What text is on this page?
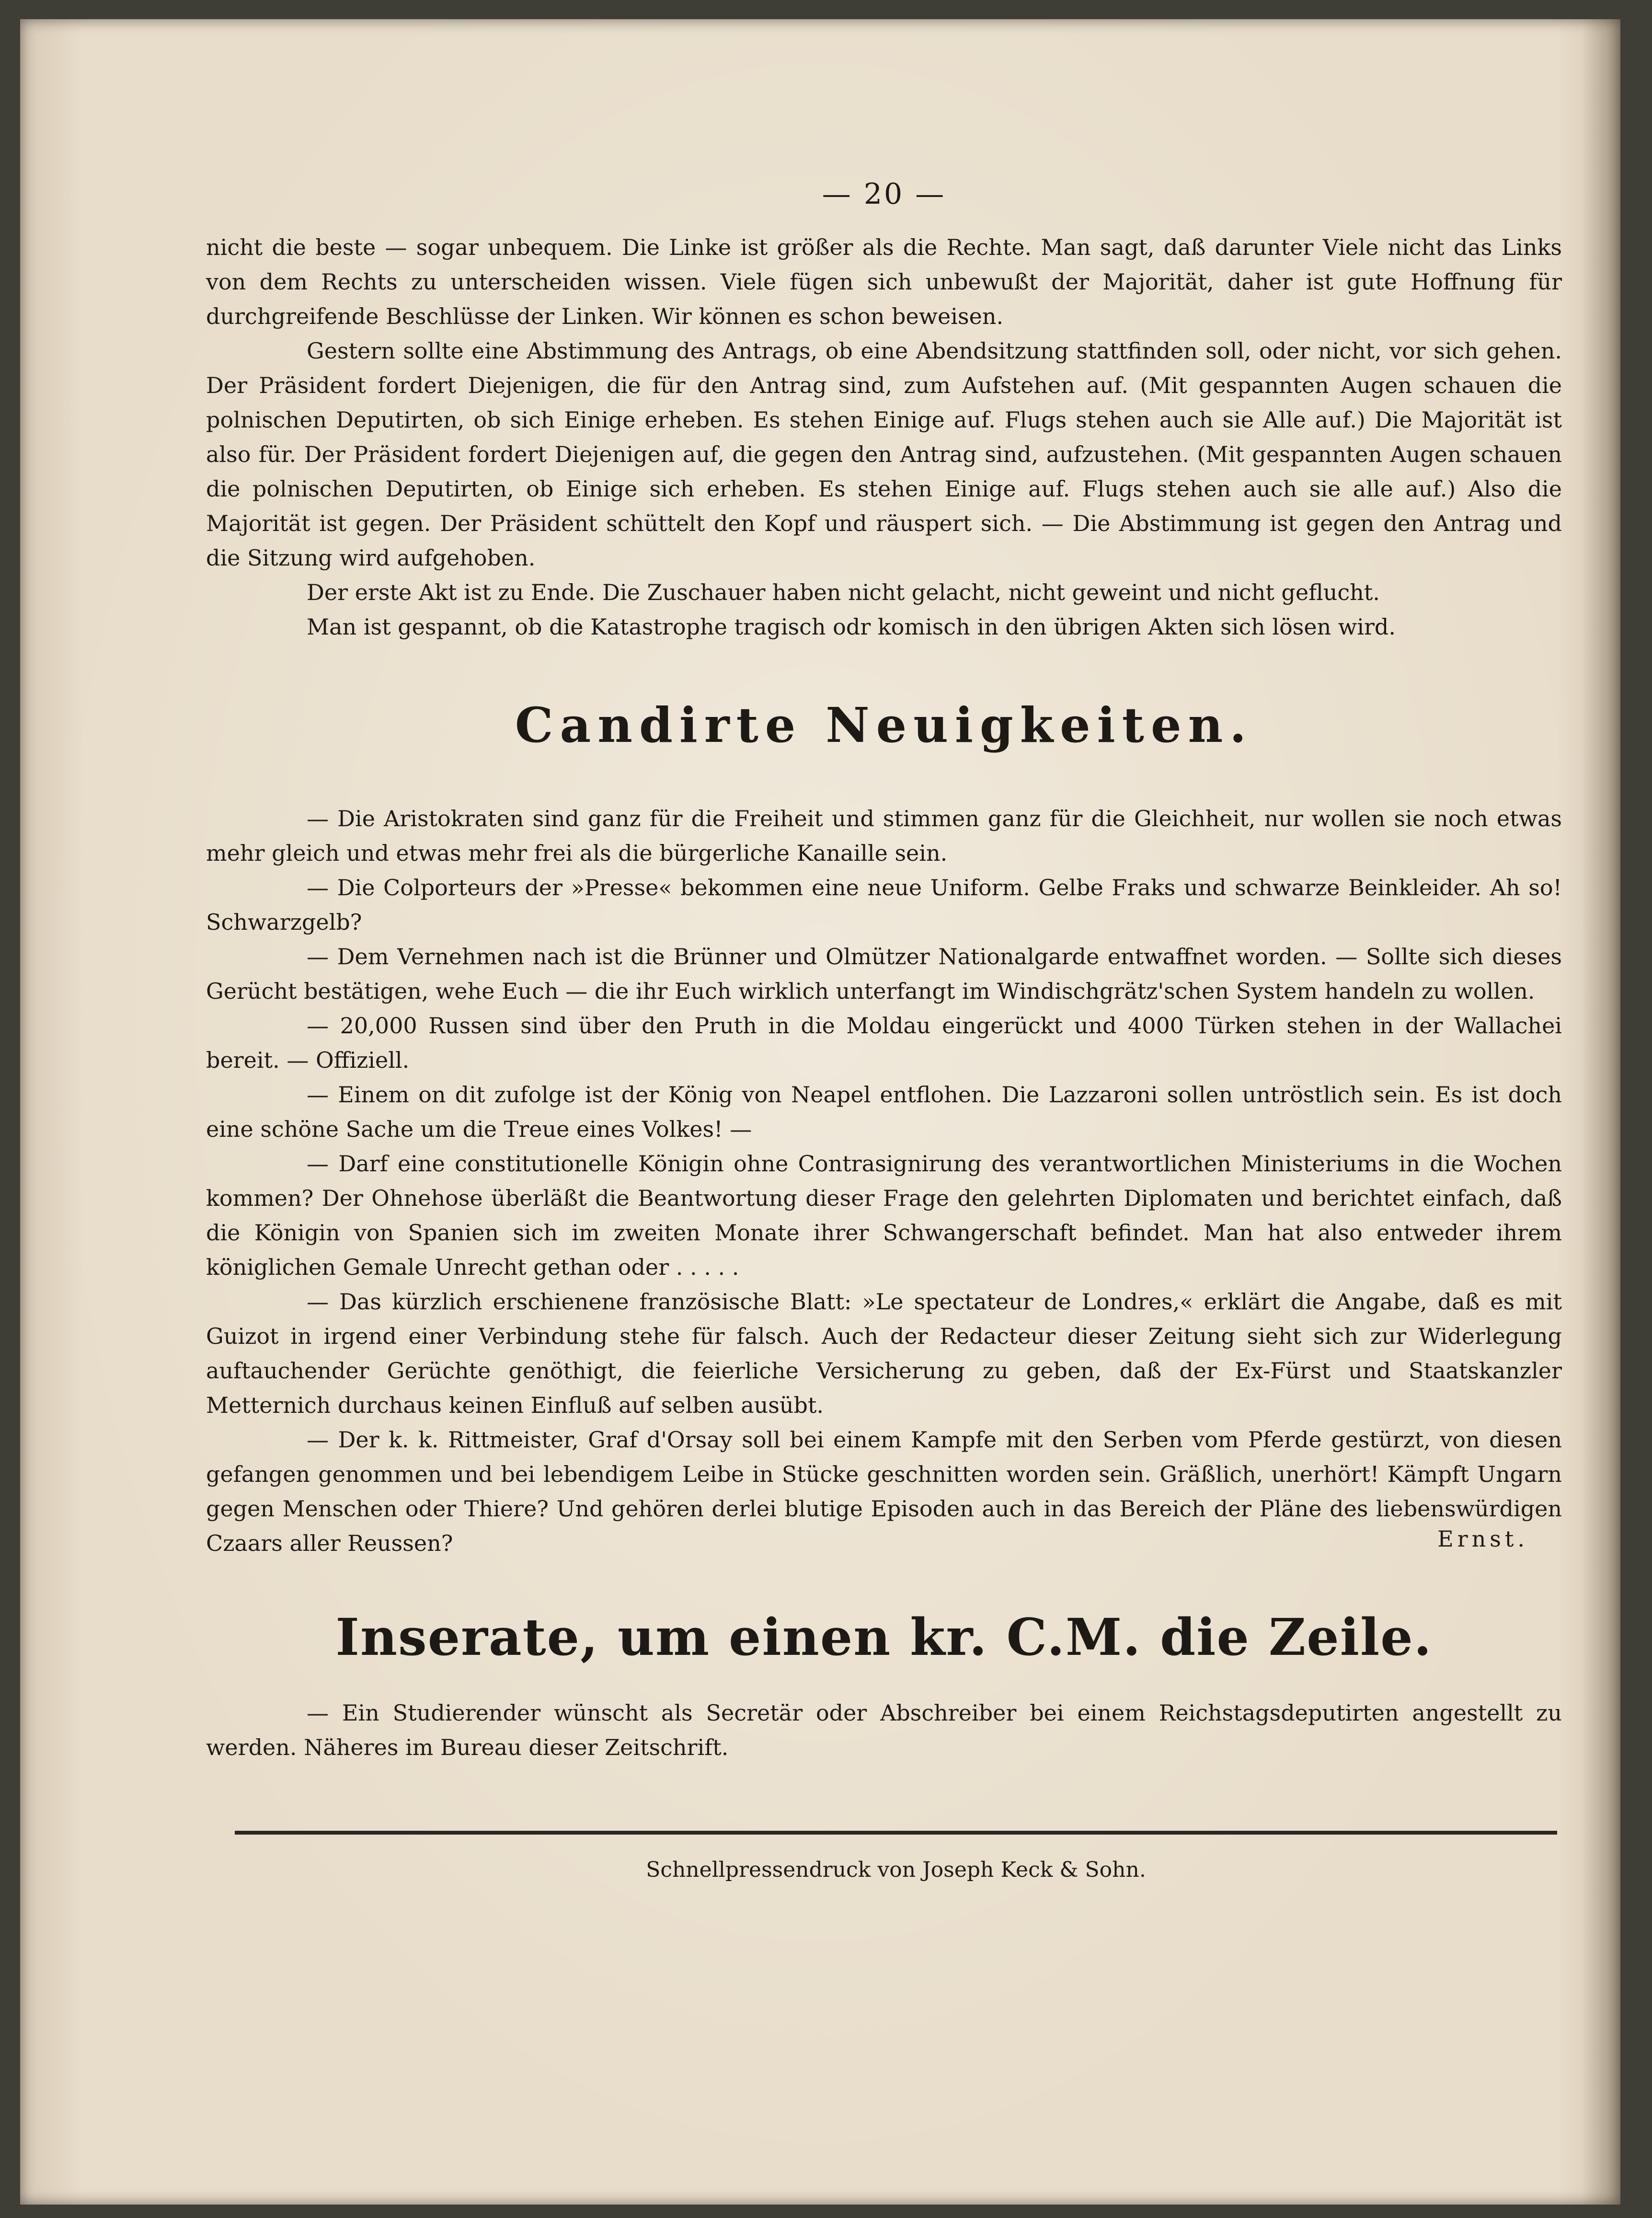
— 20 —

nicht die beste — sogar unbequem. Die Linke ist größer als die Rechte. Man sagt, daß darunter Viele nicht das Links von dem Rechts zu unterscheiden wissen. Viele fügen sich unbewußt der Majorität, daher ist gute Hoffnung für durchgreifende Beschlüsse der Linken. Wir können es schon beweisen.

Gestern sollte eine Abstimmung des Antrags, ob eine Abendsitzung stattfinden soll, oder nicht, vor sich gehen. Der Präsident fordert Diejenigen, die für den Antrag sind, zum Aufstehen auf. (Mit gespannten Augen schauen die polnischen Deputirten, ob sich Einige erheben. Es stehen Einige auf. Flugs stehen auch sie Alle auf.) Die Majorität ist also für. Der Präsident fordert Diejenigen auf, die gegen den Antrag sind, aufzustehen. (Mit gespannten Augen schauen die polnischen Deputirten, ob Einige sich erheben. Es stehen Einige auf. Flugs stehen auch sie alle auf.) Also die Majorität ist gegen. Der Präsident schüttelt den Kopf und räuspert sich. — Die Abstimmung ist gegen den Antrag und die Sitzung wird aufgehoben.

Der erste Akt ist zu Ende. Die Zuschauer haben nicht gelacht, nicht geweint und nicht geflucht.

Man ist gespannt, ob die Katastrophe tragisch odr komisch in den übrigen Akten sich lösen wird.

Candirte Neuigkeiten.

— Die Aristokraten sind ganz für die Freiheit und stimmen ganz für die Gleichheit, nur wollen sie noch etwas mehr gleich und etwas mehr frei als die bürgerliche Kanaille sein.

— Die Colporteurs der »Presse« bekommen eine neue Uniform. Gelbe Fraks und schwarze Beinkleider. Ah so! Schwarzgelb?

— Dem Vernehmen nach ist die Brünner und Olmützer Nationalgarde entwaffnet worden. — Sollte sich dieses Gerücht bestätigen, wehe Euch — die ihr Euch wirklich unterfangt im Windischgrätz'schen System handeln zu wollen.

— 20,000 Russen sind über den Pruth in die Moldau eingerückt und 4000 Türken stehen in der Wallachei bereit. — Offiziell.

— Einem on dit zufolge ist der König von Neapel entflohen. Die Lazzaroni sollen untröstlich sein. Es ist doch eine schöne Sache um die Treue eines Volkes! —

— Darf eine constitutionelle Königin ohne Contrasignirung des verantwortlichen Ministeriums in die Wochen kommen? Der Ohnehose überläßt die Beantwortung dieser Frage den gelehrten Diplomaten und berichtet einfach, daß die Königin von Spanien sich im zweiten Monate ihrer Schwangerschaft befindet. Man hat also entweder ihrem königlichen Gemale Unrecht gethan oder . . . . .

— Das kürzlich erschienene französische Blatt: »Le spectateur de Londres,« erklärt die Angabe, daß es mit Guizot in irgend einer Verbindung stehe für falsch. Auch der Redacteur dieser Zeitung sieht sich zur Widerlegung auftauchender Gerüchte genöthigt, die feierliche Versicherung zu geben, daß der Ex-Fürst und Staatskanzler Metternich durchaus keinen Einfluß auf selben ausübt.

— Der k. k. Rittmeister, Graf d'Orsay soll bei einem Kampfe mit den Serben vom Pferde gestürzt, von diesen gefangen genommen und bei lebendigem Leibe in Stücke geschnitten worden sein. Gräßlich, unerhört! Kämpft Ungarn gegen Menschen oder Thiere? Und gehören derlei blutige Episoden auch in das Bereich der Pläne des liebenswürdigen Czaars aller Reussen?	Ernst.
Inserate, um einen kr. C.M. die Zeile.

— Ein Studierender wünscht als Secretär oder Abschreiber bei einem Reichstagsdeputirten angestellt zu werden. Näheres im Bureau dieser Zeitschrift.

Schnellpressendruck von Joseph Keck & Sohn.
